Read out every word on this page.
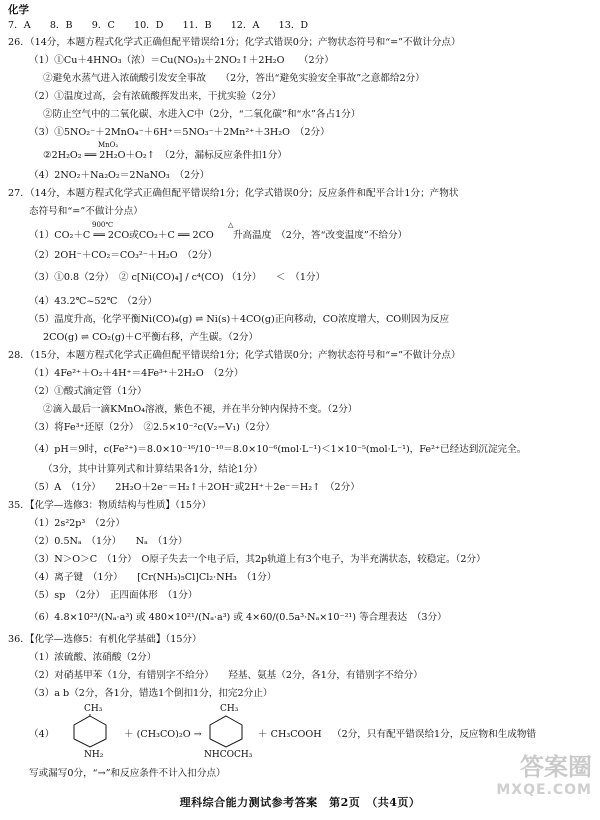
化学
7．A　　8．B　　9．C　　10．D　　11．B　　12．A　　13．D
26．（14分，本题方程式化学式正确但配平错误给1分；化学式错误0分；产物状态符号和“=”不做计分点）
（1）①Cu＋4HNO₃（浓）＝Cu(NO₃)₂＋2NO₂↑＋2H₂O　　（2分）
②避免水蒸气进入浓硫酸引发安全事故　　（2分，答出“避免实验安全事故”之意都给2分）
（2）①温度过高，会有浓硫酸挥发出来，干扰实验（2分）
②防止空气中的二氧化碳、水进入C中（2分，“二氧化碳”和“水”各占1分）
（3）①5NO₂⁻＋2MnO₄⁻＋6H⁺＝5NO₃⁻＋2Mn²⁺＋3H₂O　（2分）
②2H₂O₂ ══ 2H₂O＋O₂↑　（2分，漏标反应条件扣1分）
MnO₂
（4）2NO₂＋Na₂O₂＝2NaNO₃　（2分）
27．（14分，本题方程式化学式正确但配平错误给1分；化学式错误0分；反应条件和配平合计1分；产物状
态符号和“=”不做计分点）
（1）CO₂＋C ══ 2CO或CO₂＋C ══ 2CO　　升高温度　（2分，答“改变温度”不给分）
900℃	△
（2）2OH⁻＋CO₂＝CO₃²⁻＋H₂O　（2分）
（3）①0.8（2分）　② c[Ni(CO)₄] / c⁴(CO) （1分）　　＜　（1分）
（4）43.2℃~52℃　（2分）
（5）温度升高，化学平衡Ni(CO)₄(g) ⇌ Ni(s)＋4CO(g)正向移动，CO浓度增大，CO则因为反应
2CO(g) ⇌ CO₂(g)＋C平衡右移，产生碳。（2分）
28．（15分，本题方程式化学式正确但配平错误给1分；化学式错误0分；产物状态符号和“=”不做计分点）
（1）4Fe²⁺＋O₂＋4H⁺＝4Fe³⁺＋2H₂O　（2分）
（2）①酸式滴定管（1分）
②滴入最后一滴KMnO₄溶液，紫色不褪，并在半分钟内保持不变。（2分）
（3）将Fe³⁺还原（2分）　②2.5×10⁻²c(V₂−V₁)（2分）
（4）pH＝9时，c(Fe²⁺)＝8.0×10⁻¹⁶/10⁻¹⁰＝8.0×10⁻⁶(mol·L⁻¹)＜1×10⁻⁵(mol·L⁻¹)，Fe²⁺已经达到沉淀完全。
（3分，其中计算列式和计算结果各1分，结论1分）
（5）A　（1分）　　2H₂O＋2e⁻＝H₂↑＋2OH⁻或2H⁺＋2e⁻＝H₂↑　（2分）
35．【化学—选修3：物质结构与性质】（15分）
（1）2s²2p³　（2分）
（2）0.5Nₐ　（1分）　　Nₐ　（1分）
（3）N＞O＞C　（1分）　O原子失去一个电子后，其2p轨道上有3个电子，为半充满状态，较稳定。（2分）
（4）离子键　（1分）　　[Cr(NH₃)₅Cl]Cl₂·NH₃　（1分）
（5）sp　（2分）　正四面体形　（1分）
（6）4.8×10²³/(Nₐ·a³) 或 480×10²¹/(Nₐ·a³) 或 4×60/(0.5a³·Nₐ×10⁻²¹) 等合理表达　（3分）
36．【化学—选修5：有机化学基础】（15分）
（1）浓硫酸、浓硝酸（2分）
（2）对硝基甲苯（1分，有错别字不给分）　　羟基、氨基（2分，各1分，有错别字不给分）
（3）a b（2分，各1分，错选1个倒扣1分，扣完2分止）
（4）
CH₃
NH₂
＋ (CH₃CO)₂O →
CH₃
NHCOCH₃
＋ CH₃COOH （2分，只有配平错误给1分，反应物和生成物错
写或漏写0分，“→”和反应条件不计入扣分点）
理科综合能力测试参考答案　第2页　（共4页）
答案圈
MXQE.COM
